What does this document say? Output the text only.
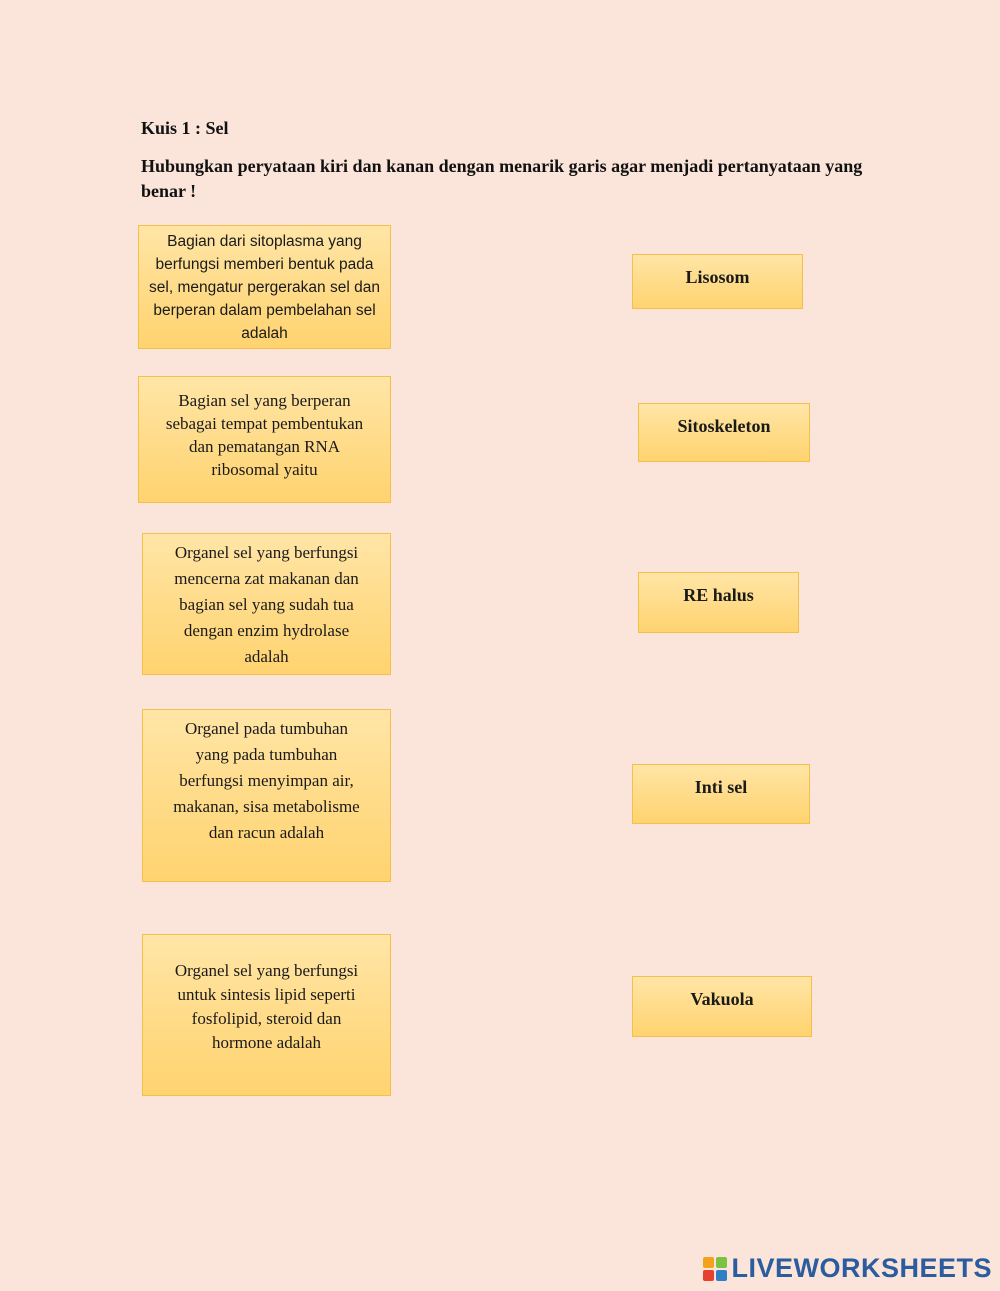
Kuis 1 : Sel
Hubungkan peryataan kiri dan kanan dengan menarik garis agar menjadi pertanyataan yang benar !
Bagian dari sitoplasma yang berfungsi memberi bentuk pada sel, mengatur pergerakan sel dan berperan dalam pembelahan sel adalah
Bagian sel yang berperan sebagai tempat pembentukan dan pematangan RNA ribosomal yaitu
Organel sel yang berfungsi mencerna zat makanan dan bagian sel yang sudah tua dengan enzim hydrolase adalah
Organel pada tumbuhan yang pada tumbuhan berfungsi menyimpan air, makanan, sisa metabolisme dan racun adalah
Organel sel yang berfungsi untuk sintesis lipid seperti fosfolipid, steroid dan hormone adalah
Lisosom
Sitoskeleton
RE halus
Inti sel
Vakuola
LIVEWORKSHEETS
